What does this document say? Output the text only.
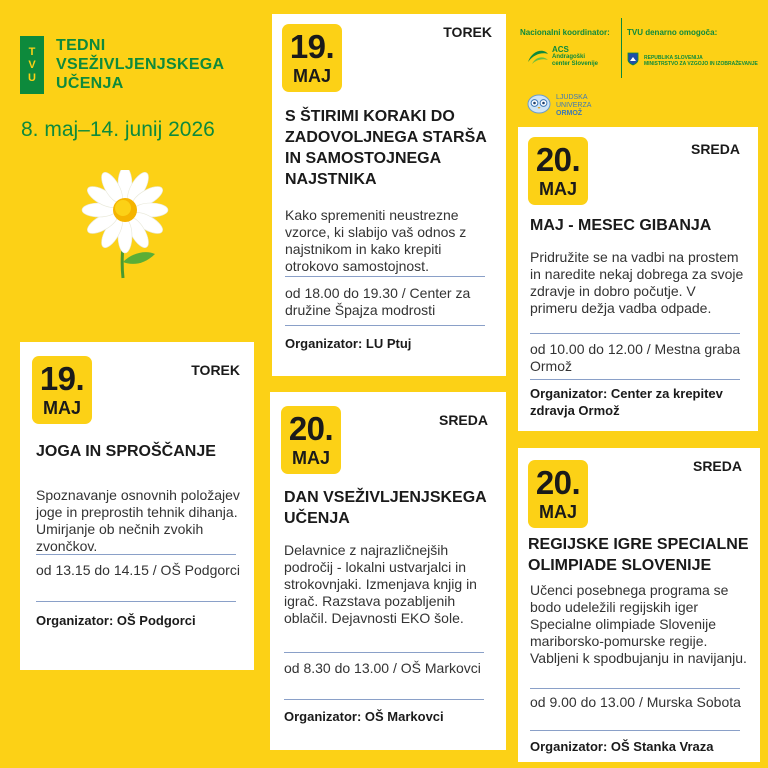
T
V
U
TEDNI
VSEŽIVLJENJSKEGA
UČENJA
8. maj–14. junij 2026
Nacionalni koordinator: TVU denarno omogoča:
ACS
Andragoški
center Slovenije
REPUBLIKA SLOVENIJA
MINISTRSTVO ZA VZGOJO IN IZOBRAŽEVANJE
LJUDSKA
UNIVERZA
ORMOŽ
19.
MAJ
TOREK
S ŠTIRIMI KORAKI DO ZADOVOLJNEGA STARŠA IN SAMOSTOJNEGA NAJSTNIKA
Kako spremeniti neustrezne vzorce, ki slabijo vaš odnos z najstnikom in kako krepiti otrokovo samostojnost.
od 18.00 do 19.30 / Center za družine Špajza modrosti
Organizator: LU Ptuj
20.
MAJ
SREDA
MAJ - MESEC GIBANJA
Pridružite se na vadbi na prostem in naredite nekaj dobrega za svoje zdravje in dobro počutje. V primeru dežja vadba odpade.
od 10.00 do 12.00 / Mestna graba Ormož
Organizator: Center za krepitev zdravja Ormož
19.
MAJ
TOREK
JOGA IN SPROŠČANJE
Spoznavanje osnovnih položajev joge in preprostih tehnik dihanja. Umirjanje ob nečnih zvokih zvončkov.
od 13.15 do 14.15 / OŠ Podgorci
Organizator: OŠ Podgorci
20.
MAJ
SREDA
DAN VSEŽIVLJENJSKEGA UČENJA
Delavnice z najrazličnejših področij - lokalni ustvarjalci in strokovnjaki. Izmenjava knjig in igrač. Razstava pozabljenih oblačil. Dejavnosti EKO šole.
od 8.30 do 13.00 / OŠ Markovci
Organizator: OŠ Markovci
20.
MAJ
SREDA
REGIJSKE IGRE SPECIALNE OLIMPIADE SLOVENIJE
Učenci posebnega programa se bodo udeležili regijskih iger Specialne olimpiade Slovenije mariborsko-pomurske regije. Vabljeni k spodbujanju in navijanju.
od 9.00 do 13.00 / Murska Sobota
Organizator: OŠ Stanka Vraza
